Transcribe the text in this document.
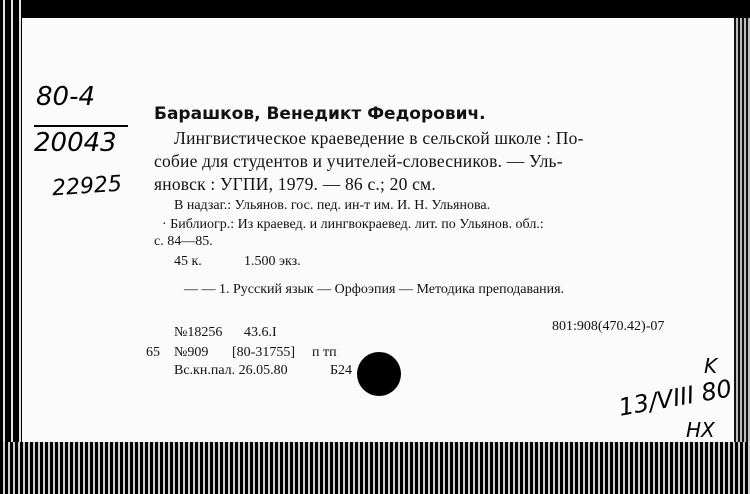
80-4
20043
22925
Барашков, Венедикт Федорович.
Лингвистическое краеведение в сельской школе : По-
собие для студентов и учителей-словесников. — Уль-
яновск : УГПИ, 1979. — 86 с.; 20 см.
В надзаг.: Ульянов. гос. пед. ин-т им. И. Н. Ульянова.
· Библиогр.: Из краевед. и лингвокраевед. лит. по Ульянов. обл.:
с. 84—85.
45 к.	1.500 экз.
— — 1. Русский язык — Орфоэпия — Методика преподавания.
801:908(470.42)-07
№18256 43.6.I
65 №909 [80-31755] п тп
Вс.кн.пал. 26.05.80	Б24	K
13/VIII 80
НХ
